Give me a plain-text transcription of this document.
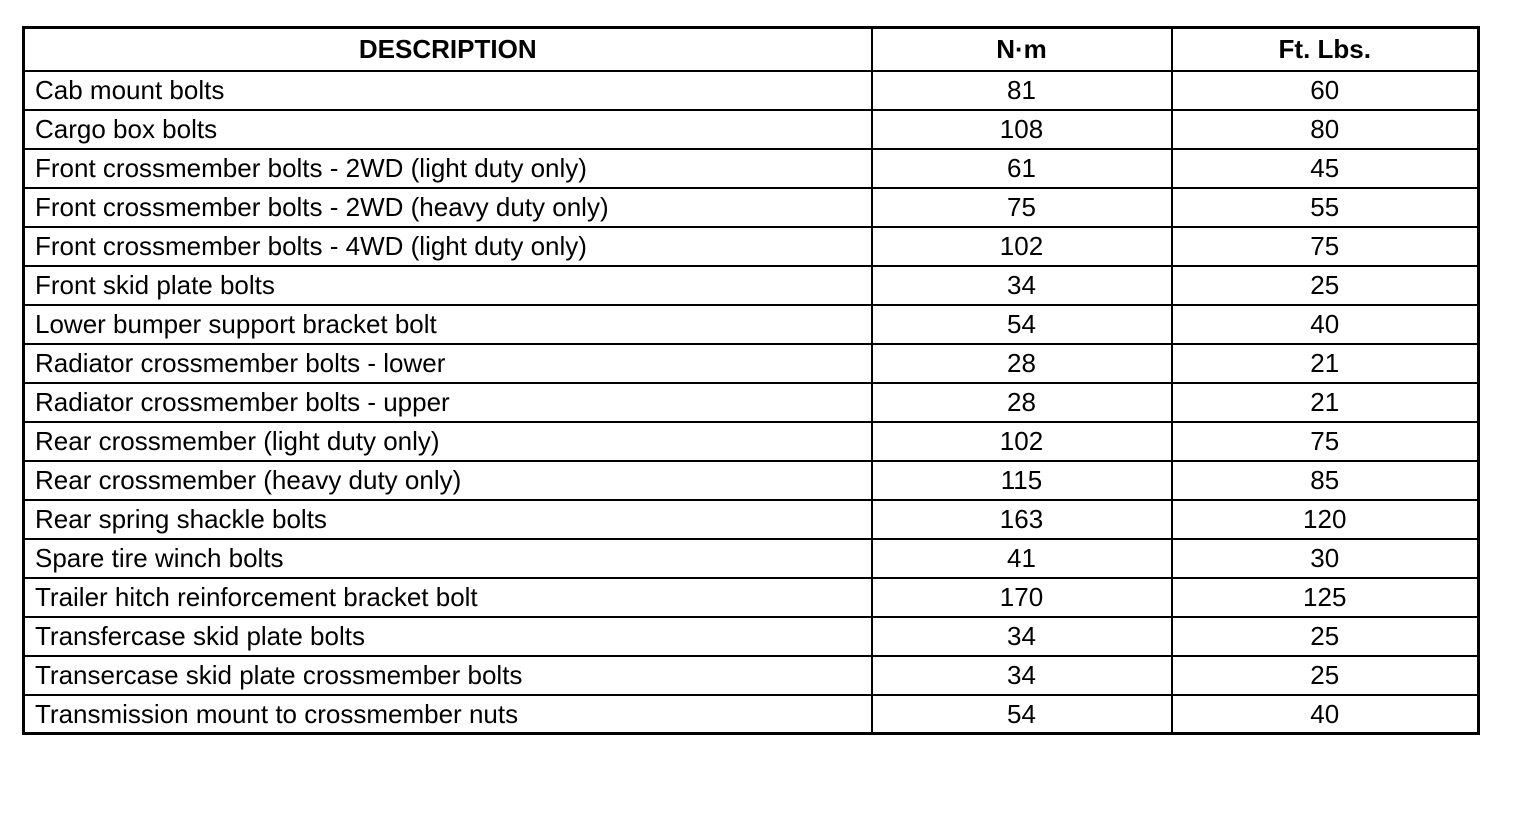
DESCRIPTION	N·m	Ft. Lbs.
Cab mount bolts	81	60
Cargo box bolts	108	80
Front crossmember bolts - 2WD (light duty only)	61	45
Front crossmember bolts - 2WD (heavy duty only)	75	55
Front crossmember bolts - 4WD (light duty only)	102	75
Front skid plate bolts	34	25
Lower bumper support bracket bolt	54	40
Radiator crossmember bolts - lower	28	21
Radiator crossmember bolts - upper	28	21
Rear crossmember (light duty only)	102	75
Rear crossmember (heavy duty only)	115	85
Rear spring shackle bolts	163	120
Spare tire winch bolts	41	30
Trailer hitch reinforcement bracket bolt	170	125
Transfercase skid plate bolts	34	25
Transercase skid plate crossmember bolts	34	25
Transmission mount to crossmember nuts	54	40
